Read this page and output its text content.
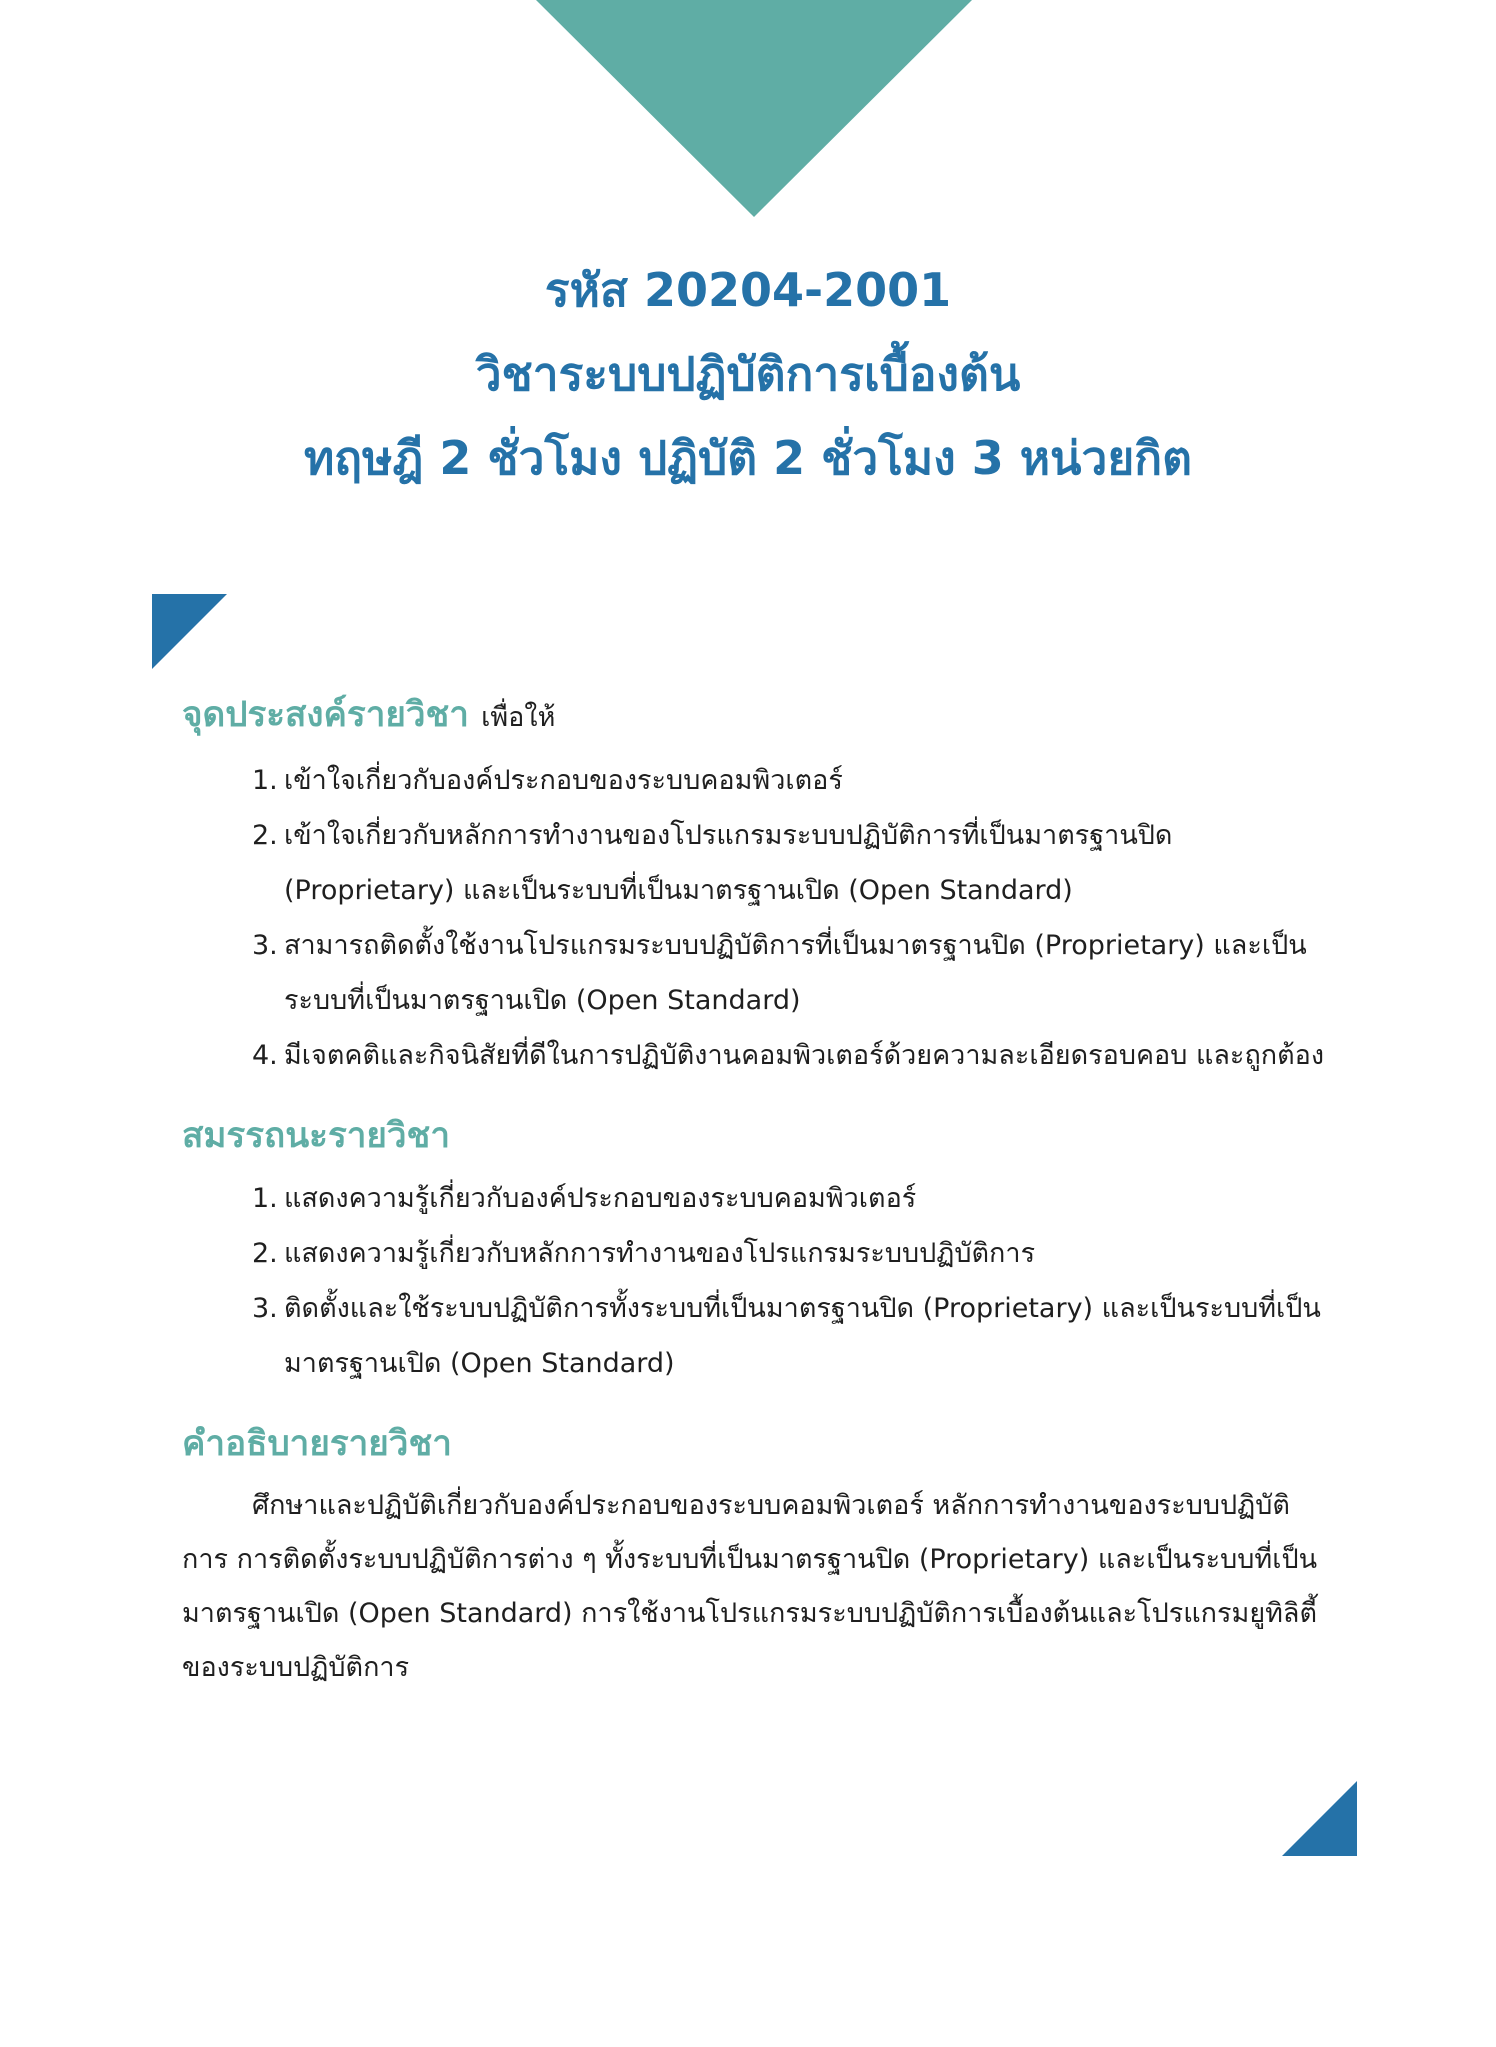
รหัส 20204-2001
วิชาระบบปฏิบัติการเบื้องต้น
ทฤษฎี 2 ชั่วโมง ปฏิบัติ 2 ชั่วโมง 3 หน่วยกิต
จุดประสงค์รายวิชา เพื่อให้
1. เข้าใจเกี่ยวกับองค์ประกอบของระบบคอมพิวเตอร์
2. เข้าใจเกี่ยวกับหลักการทำงานของโปรแกรมระบบปฏิบัติการที่เป็นมาตรฐานปิด (Proprietary) และเป็นระบบที่เป็นมาตรฐานเปิด (Open Standard)
3. สามารถติดตั้งใช้งานโปรแกรมระบบปฏิบัติการที่เป็นมาตรฐานปิด (Proprietary) และเป็นระบบที่เป็นมาตรฐานเปิด (Open Standard)
4. มีเจตคติและกิจนิสัยที่ดีในการปฏิบัติงานคอมพิวเตอร์ด้วยความละเอียดรอบคอบ และถูกต้อง
สมรรถนะรายวิชา
1. แสดงความรู้เกี่ยวกับองค์ประกอบของระบบคอมพิวเตอร์
2. แสดงความรู้เกี่ยวกับหลักการทำงานของโปรแกรมระบบปฏิบัติการ
3. ติดตั้งและใช้ระบบปฏิบัติการทั้งระบบที่เป็นมาตรฐานปิด (Proprietary) และเป็นระบบที่เป็นมาตรฐานเปิด (Open Standard)
คำอธิบายรายวิชา

ศึกษาและปฏิบัติเกี่ยวกับองค์ประกอบของระบบคอมพิวเตอร์ หลักการทำงานของระบบปฏิบัติการ การติดตั้งระบบปฏิบัติการต่าง ๆ ทั้งระบบที่เป็นมาตรฐานปิด (Proprietary) และเป็นระบบที่เป็นมาตรฐานเปิด (Open Standard) การใช้งานโปรแกรมระบบปฏิบัติการเบื้องต้นและโปรแกรมยูทิลิตี้ของระบบปฏิบัติการ
